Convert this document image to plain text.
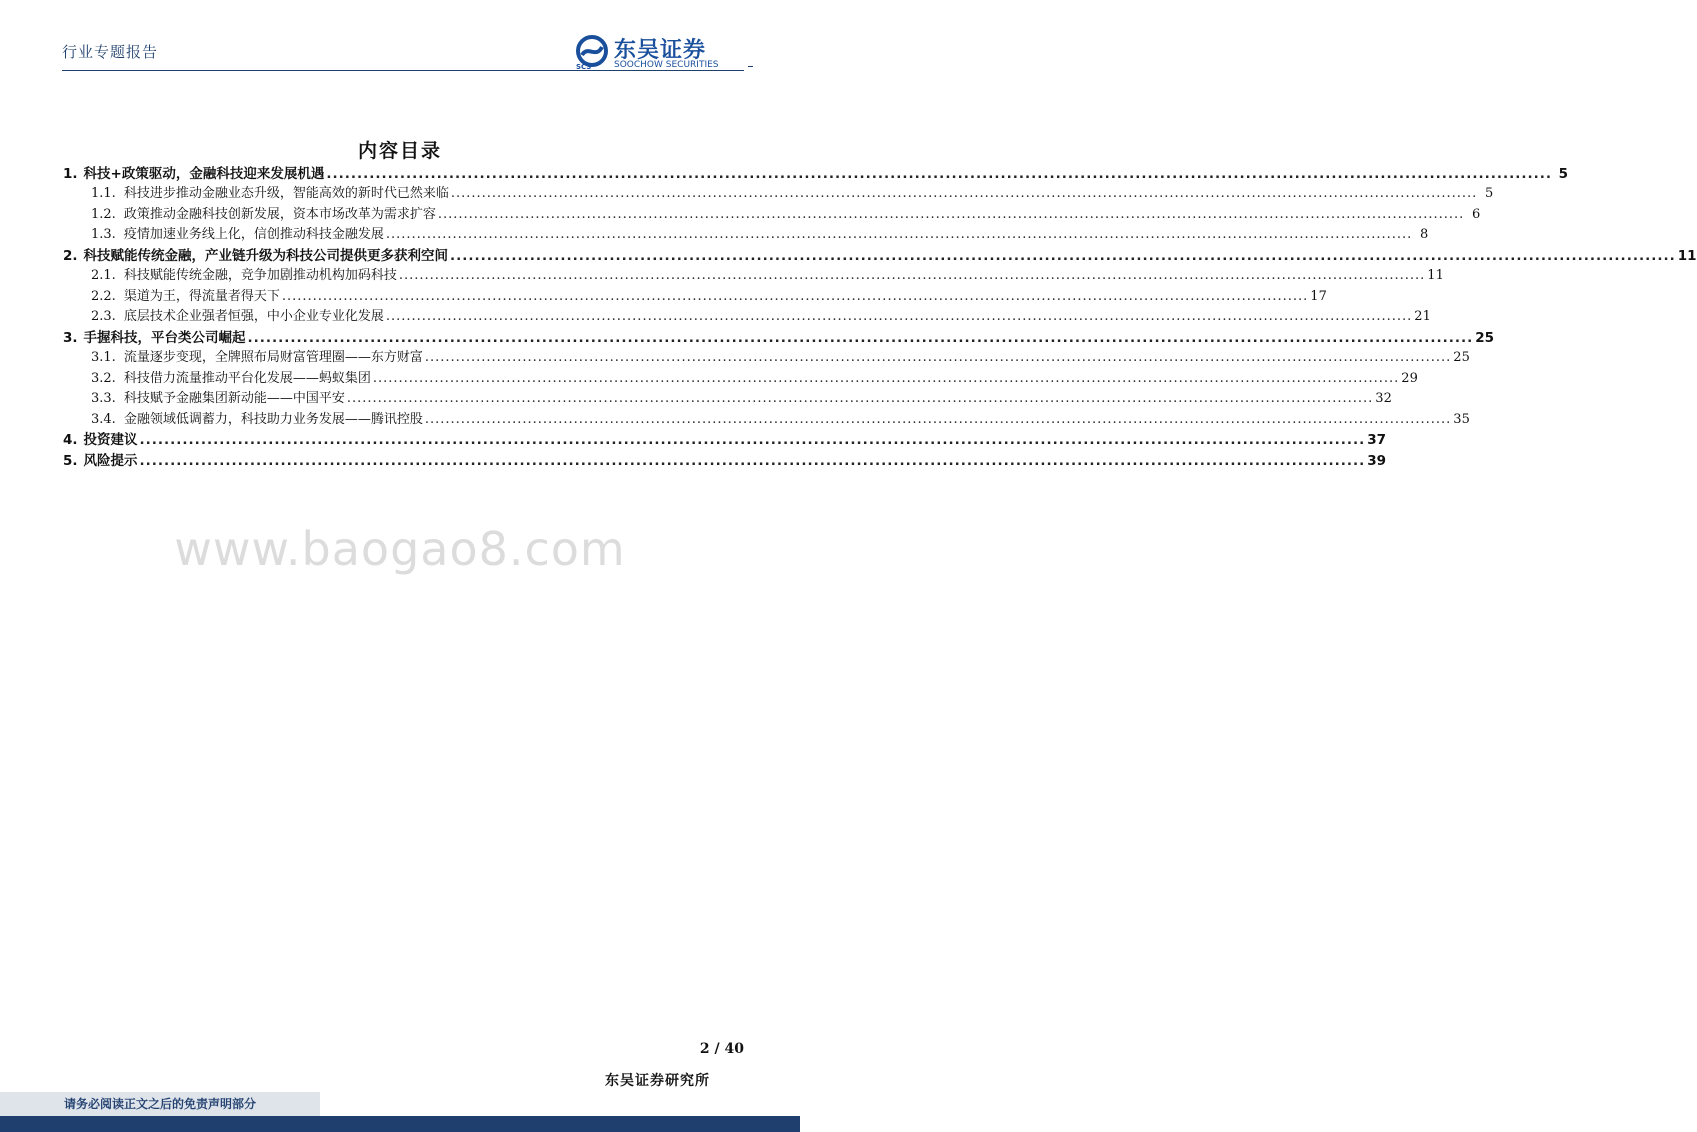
行业专题报告
SCS
东吴证券
SOOCHOW SECURITIES
内容目录
1. 科技+政策驱动，金融科技迎来发展机遇 ........................................................................................................................................................................................................ 5
1.1. 科技进步推动金融业态升级，智能高效的新时代已然来临 ........................................................................................................................................................................................................ 5
1.2. 政策推动金融科技创新发展，资本市场改革为需求扩容 ........................................................................................................................................................................................................ 6
1.3. 疫情加速业务线上化，信创推动科技金融发展 ........................................................................................................................................................................................................ 8
2. 科技赋能传统金融，产业链升级为科技公司提供更多获利空间 ........................................................................................................................................................................................................ 11
2.1. 科技赋能传统金融，竞争加剧推动机构加码科技 ........................................................................................................................................................................................................ 11
2.2. 渠道为王，得流量者得天下 ........................................................................................................................................................................................................ 17
2.3. 底层技术企业强者恒强，中小企业专业化发展 ........................................................................................................................................................................................................ 21
3. 手握科技，平台类公司崛起 ........................................................................................................................................................................................................ 25
3.1. 流量逐步变现，全牌照布局财富管理圈——东方财富 ........................................................................................................................................................................................................ 25
3.2. 科技借力流量推动平台化发展——蚂蚁集团 ........................................................................................................................................................................................................ 29
3.3. 科技赋予金融集团新动能——中国平安 ........................................................................................................................................................................................................ 32
3.4. 金融领域低调蓄力，科技助力业务发展——腾讯控股 ........................................................................................................................................................................................................ 35
4. 投资建议 ........................................................................................................................................................................................................ 37
5. 风险提示 ........................................................................................................................................................................................................ 39
www.baogao8.com
2 / 40
东吴证券研究所
请务必阅读正文之后的免责声明部分
